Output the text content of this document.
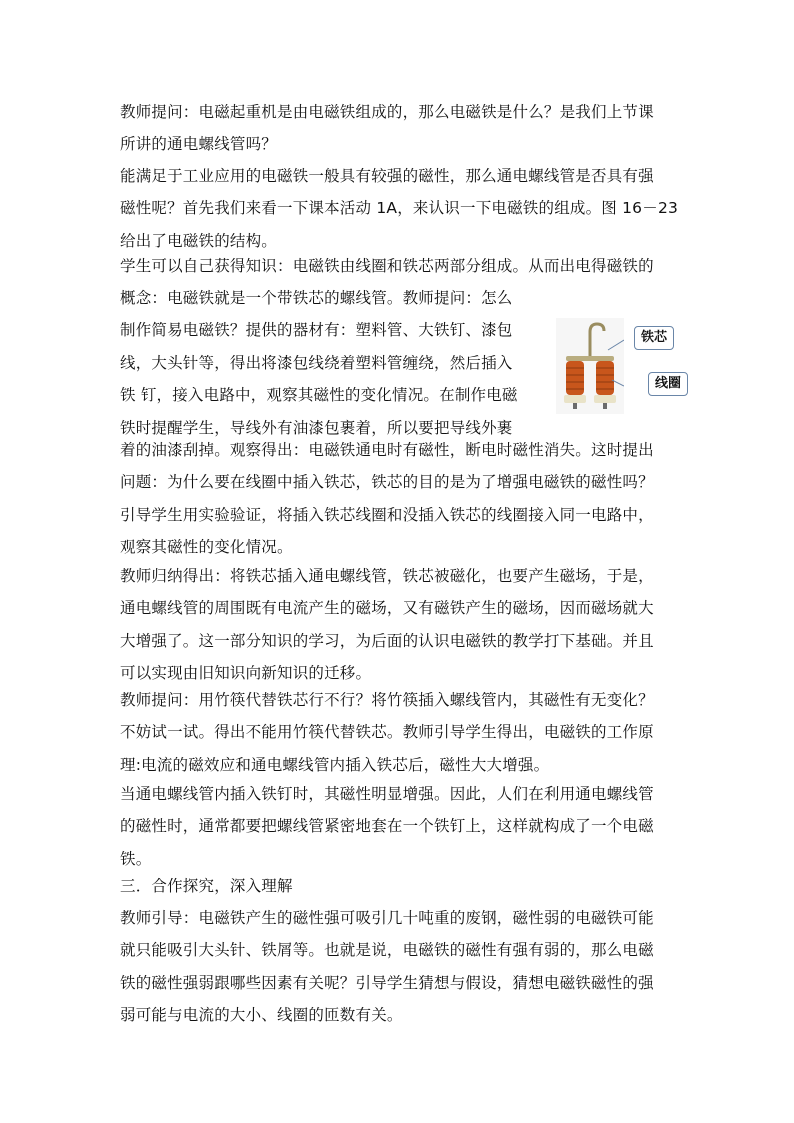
教师提问：电磁起重机是由电磁铁组成的，那么电磁铁是什么？是我们上节课
所讲的通电螺线管吗？

能满足于工业应用的电磁铁一般具有较强的磁性，那么通电螺线管是否具有强
磁性呢？首先我们来看一下课本活动 1A，来认识一下电磁铁的组成。图 16－23
给出了电磁铁的结构。

学生可以自己获得知识：电磁铁由线圈和铁芯两部分组成。从而出电得磁铁的

概念：电磁铁就是一个带铁芯的螺线管。教师提问：怎么
制作简易电磁铁？提供的器材有：塑料管、大铁钉、漆包
线，大头针等，得出将漆包线绕着塑料管缠绕，然后插入
铁 钉，接入电路中，观察其磁性的变化情况。在制作电磁
铁时提醒学生，导线外有油漆包裹着，所以要把导线外裹

着的油漆刮掉。观察得出：电磁铁通电时有磁性，断电时磁性消失。这时提出
问题：为什么要在线圈中插入铁芯，铁芯的目的是为了增强电磁铁的磁性吗？
引导学生用实验验证，将插入铁芯线圈和没插入铁芯的线圈接入同一电路中，
观察其磁性的变化情况。

教师归纳得出：将铁芯插入通电螺线管，铁芯被磁化，也要产生磁场，于是，
通电螺线管的周围既有电流产生的磁场，又有磁铁产生的磁场，因而磁场就大
大增强了。这一部分知识的学习，为后面的认识电磁铁的教学打下基础。并且
可以实现由旧知识向新知识的迁移。

教师提问：用竹筷代替铁芯行不行？将竹筷插入螺线管内，其磁性有无变化？
不妨试一试。得出不能用竹筷代替铁芯。教师引导学生得出，电磁铁的工作原
理:电流的磁效应和通电螺线管内插入铁芯后，磁性大大增强。

当通电螺线管内插入铁钉时，其磁性明显增强。因此，人们在利用通电螺线管
的磁性时，通常都要把螺线管紧密地套在一个铁钉上，这样就构成了一个电磁
铁。

三．合作探究，深入理解

教师引导：电磁铁产生的磁性强可吸引几十吨重的废钢，磁性弱的电磁铁可能
就只能吸引大头针、铁屑等。也就是说，电磁铁的磁性有强有弱的，那么电磁
铁的磁性强弱跟哪些因素有关呢？引导学生猜想与假设，猜想电磁铁磁性的强
弱可能与电流的大小、线圈的匝数有关。

铁芯
线圈
